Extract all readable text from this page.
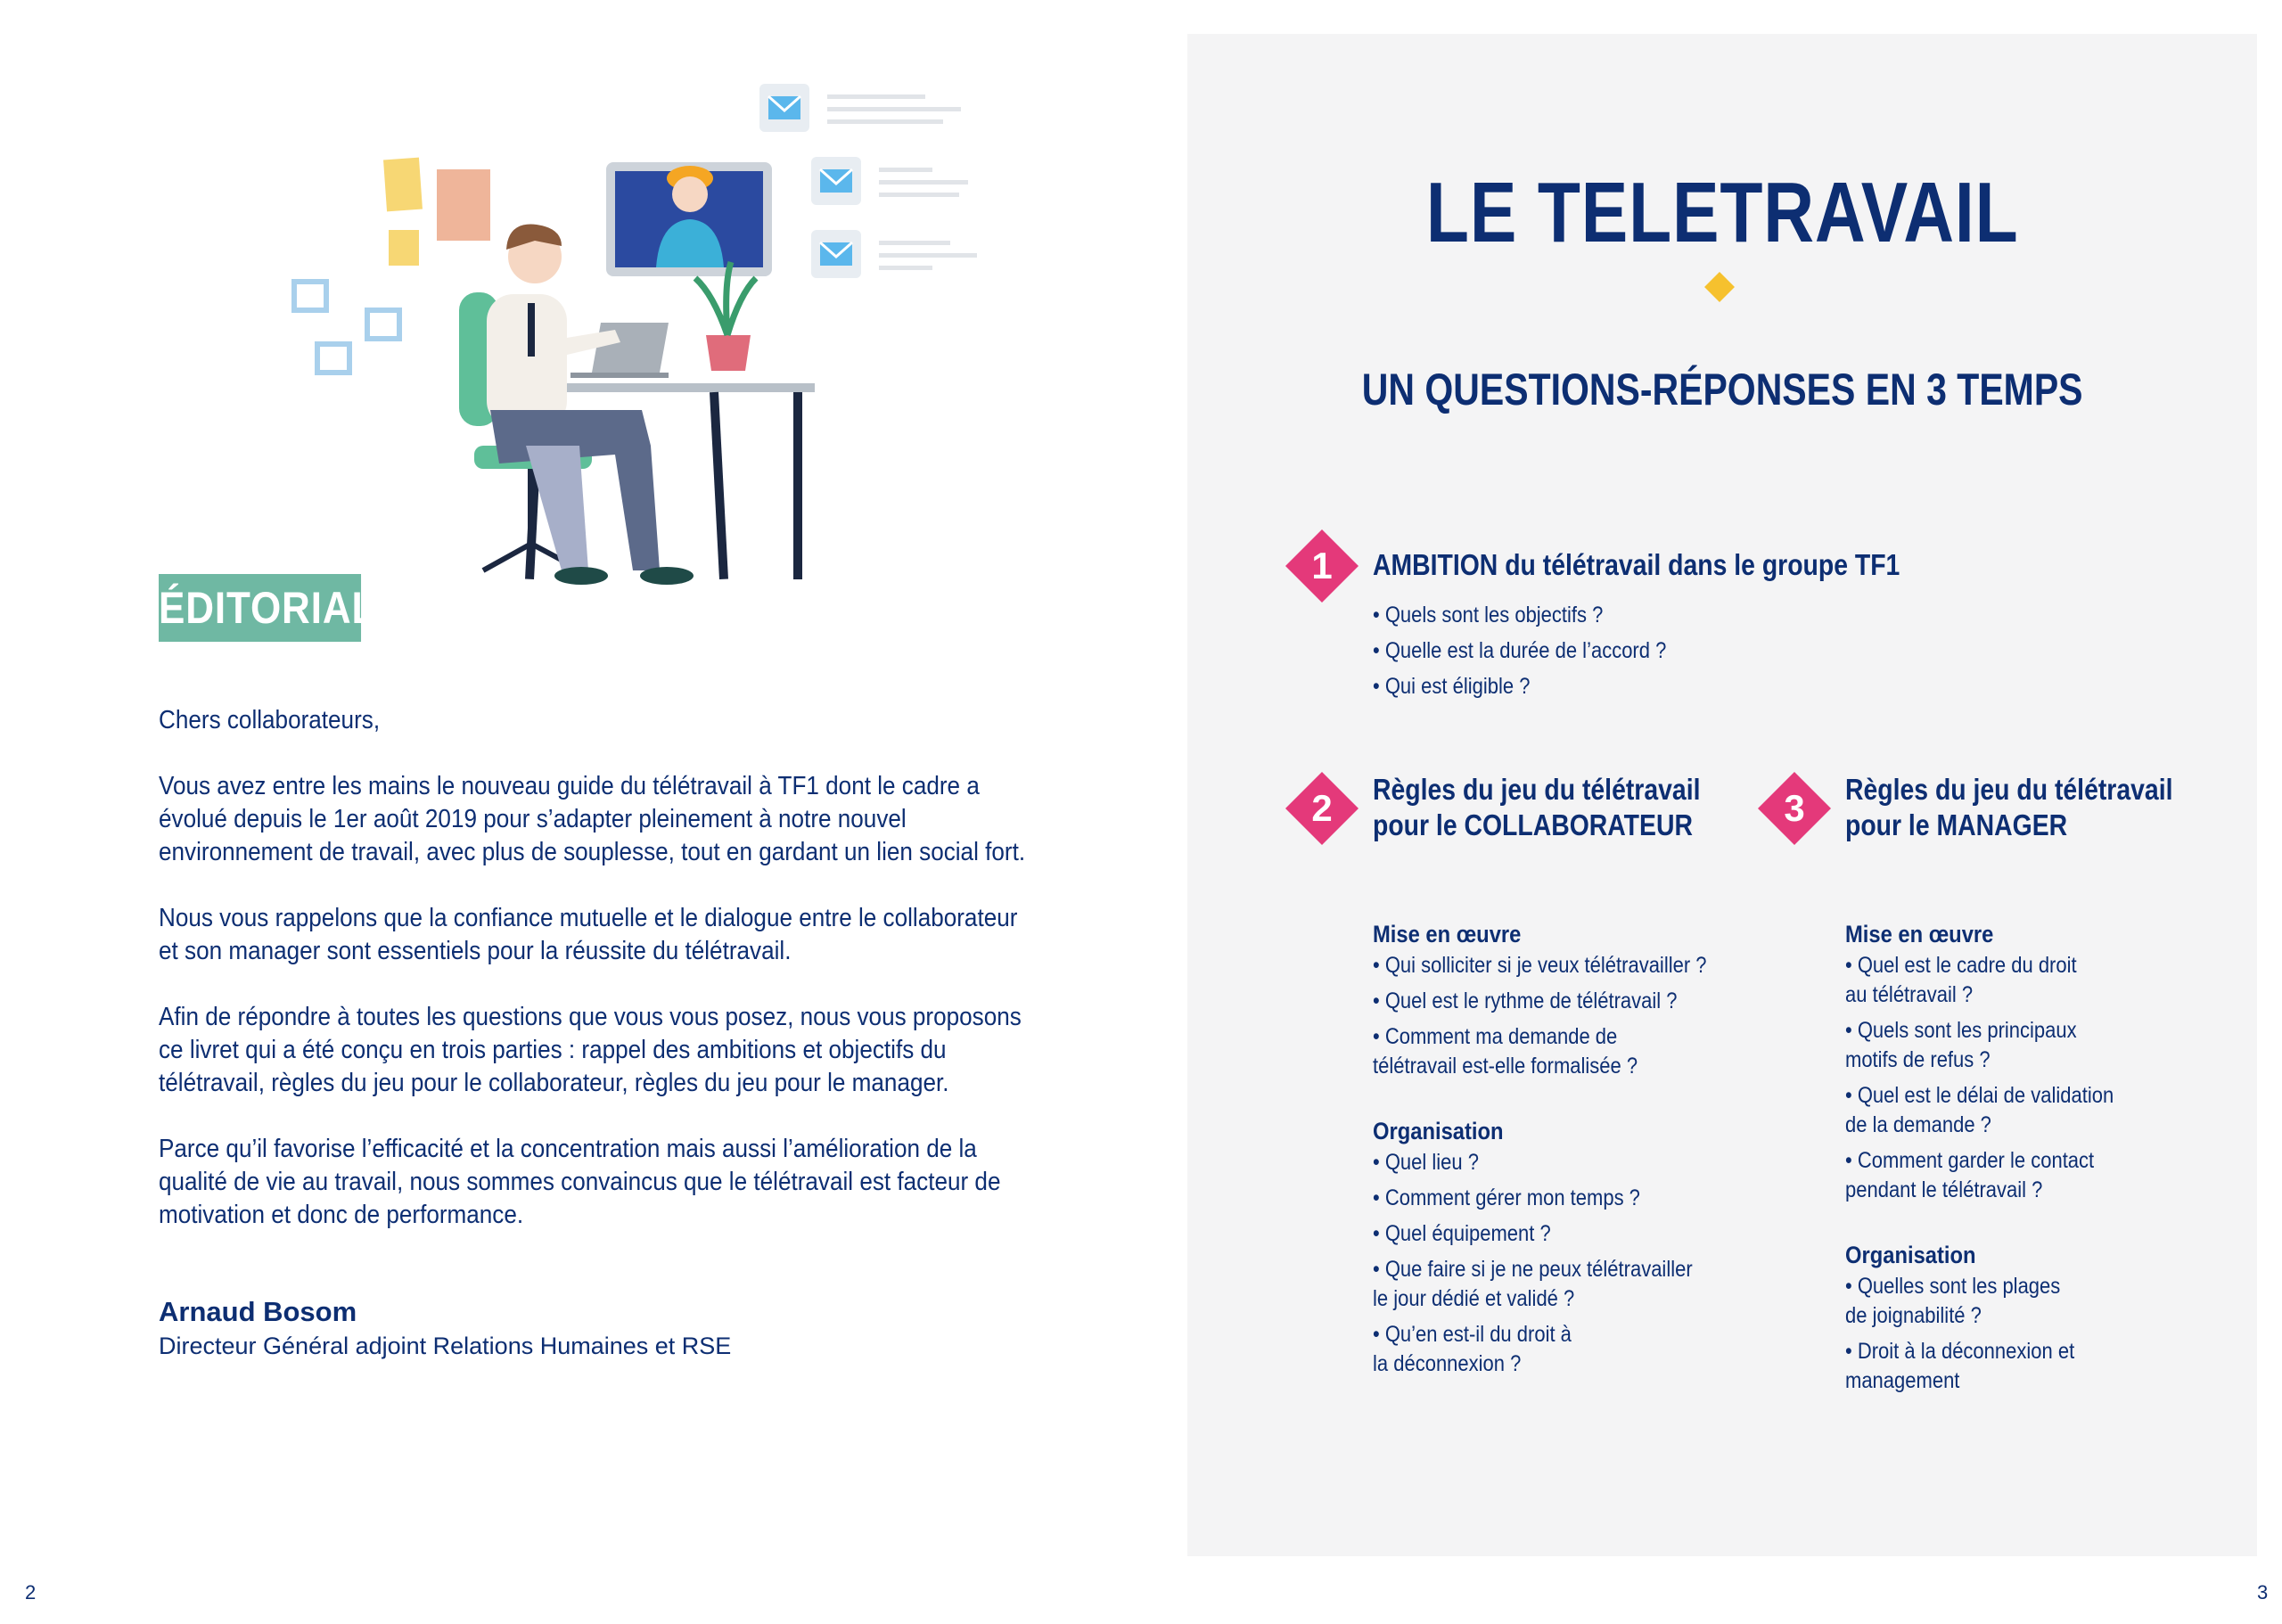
ÉDITORIAL

Chers collaborateurs,

Vous avez entre les mains le nouveau guide du télétravail à TF1 dont le cadre a évolué depuis le 1er août 2019 pour s’adapter pleinement à notre nouvel environnement de travail, avec plus de souplesse, tout en gardant un lien social fort.

Nous vous rappelons que la confiance mutuelle et le dialogue entre le collaborateur et son manager sont essentiels pour la réussite du télétravail.

Afin de répondre à toutes les questions que vous vous posez, nous vous proposons ce livret qui a été conçu en trois parties : rappel des ambitions et objectifs du télétravail, règles du jeu pour le collaborateur, règles du jeu pour le manager.

Parce qu’il favorise l’efficacité et la concentration mais aussi l’amélioration de la qualité de vie au travail, nous sommes convaincus que le télétravail est facteur de motivation et donc de performance.

Arnaud Bosom
Directeur Général adjoint Relations Humaines et RSE
2
LE TELETRAVAIL
UN QUESTIONS-RÉPONSES EN 3 TEMPS
1	AMBITION du télétravail dans le groupe TF1
• Quels sont les objectifs ?
• Quelle est la durée de l’accord ?
• Qui est éligible ?
2	Règles du jeu du télétravail
pour le COLLABORATEUR
Mise en œuvre
• Qui solliciter si je veux télétravailler ?
• Quel est le rythme de télétravail ?
• Comment ma demande de
télétravail est-elle formalisée ?
Organisation
• Quel lieu ?
• Comment gérer mon temps ?
• Quel équipement ?
• Que faire si je ne peux télétravailler
le jour dédié et validé ?
• Qu’en est-il du droit à
la déconnexion ?
3	Règles du jeu du télétravail
pour le MANAGER
Mise en œuvre
• Quel est le cadre du droit
au télétravail ?
• Quels sont les principaux
motifs de refus ?
• Quel est le délai de validation
de la demande ?
• Comment garder le contact
pendant le télétravail ?
Organisation
• Quelles sont les plages
de joignabilité ?
• Droit à la déconnexion et
management
3
